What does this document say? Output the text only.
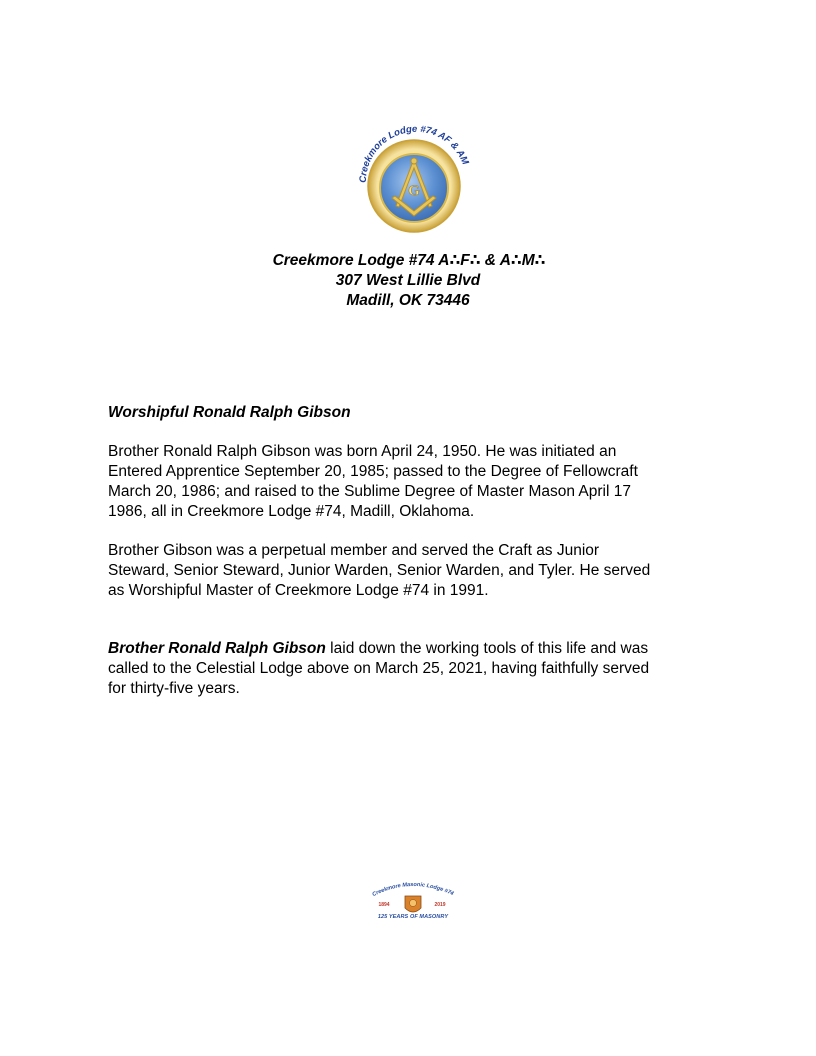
Creekmore Lodge #74 AF & AM
G
Creekmore Lodge #74 A∴F∴ & A∴M∴
307 West Lillie Blvd
Madill, OK 73446

Worshipful Ronald Ralph Gibson

Brother Ronald Ralph Gibson was born April 24, 1950. He was initiated an

Entered Apprentice September 20, 1985; passed to the Degree of Fellowcraft

March 20, 1986; and raised to the Sublime Degree of Master Mason April 17

1986, all in Creekmore Lodge #74, Madill, Oklahoma.

Brother Gibson was a perpetual member and served the Craft as Junior

Steward, Senior Steward, Junior Warden, Senior Warden, and Tyler. He served

as Worshipful Master of Creekmore Lodge #74 in 1991.

Brother Ronald Ralph Gibson laid down the working tools of this life and was

called to the Celestial Lodge above on March 25, 2021, having faithfully served

for thirty-five years.

Creekmore Masonic Lodge #74
1894	2019
125 YEARS OF MASONRY
